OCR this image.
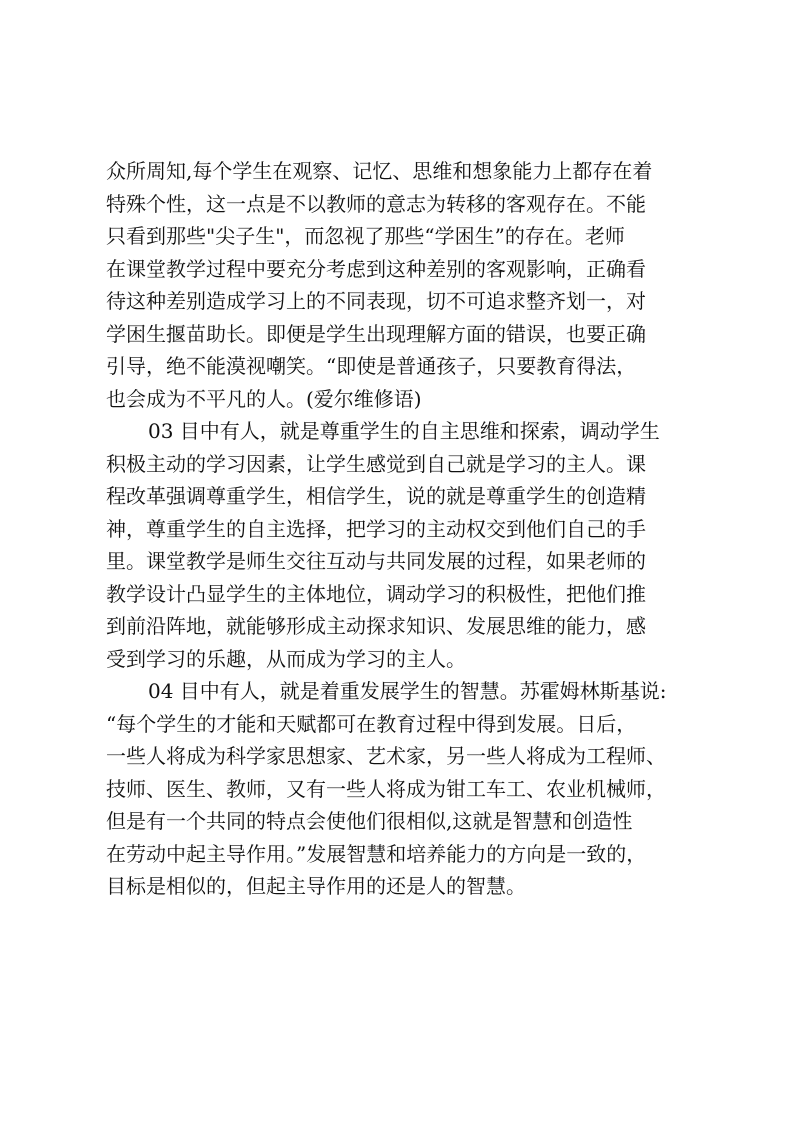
众所周知,每个学生在观察、记忆、思维和想象能力上都存在着
特殊个性，这一点是不以教师的意志为转移的客观存在。不能
只看到那些"尖子生"，而忽视了那些“学困生”的存在。老师
在课堂教学过程中要充分考虑到这种差别的客观影响，正确看
待这种差别造成学习上的不同表现，切不可追求整齐划一，对
学困生揠苗助长。即便是学生出现理解方面的错误，也要正确
引导，绝不能漠视嘲笑。“即使是普通孩子，只要教育得法，
也会成为不平凡的人。(爱尔维修语)
03 目中有人，就是尊重学生的自主思维和探索，调动学生
积极主动的学习因素，让学生感觉到自己就是学习的主人。课
程改革强调尊重学生，相信学生，说的就是尊重学生的创造精
神，尊重学生的自主选择，把学习的主动权交到他们自己的手
里。课堂教学是师生交往互动与共同发展的过程，如果老师的
教学设计凸显学生的主体地位，调动学习的积极性，把他们推
到前沿阵地，就能够形成主动探求知识、发展思维的能力，感
受到学习的乐趣，从而成为学习的主人。
04 目中有人，就是着重发展学生的智慧。苏霍姆林斯基说:
“每个学生的才能和天赋都可在教育过程中得到发展。日后，
一些人将成为科学家思想家、艺术家，另一些人将成为工程师、
技师、医生、教师，又有一些人将成为钳工车工、农业机械师，
但是有一个共同的特点会使他们很相似,这就是智慧和创造性
在劳动中起主导作用。”发展智慧和培养能力的方向是一致的，
目标是相似的，但起主导作用的还是人的智慧。
